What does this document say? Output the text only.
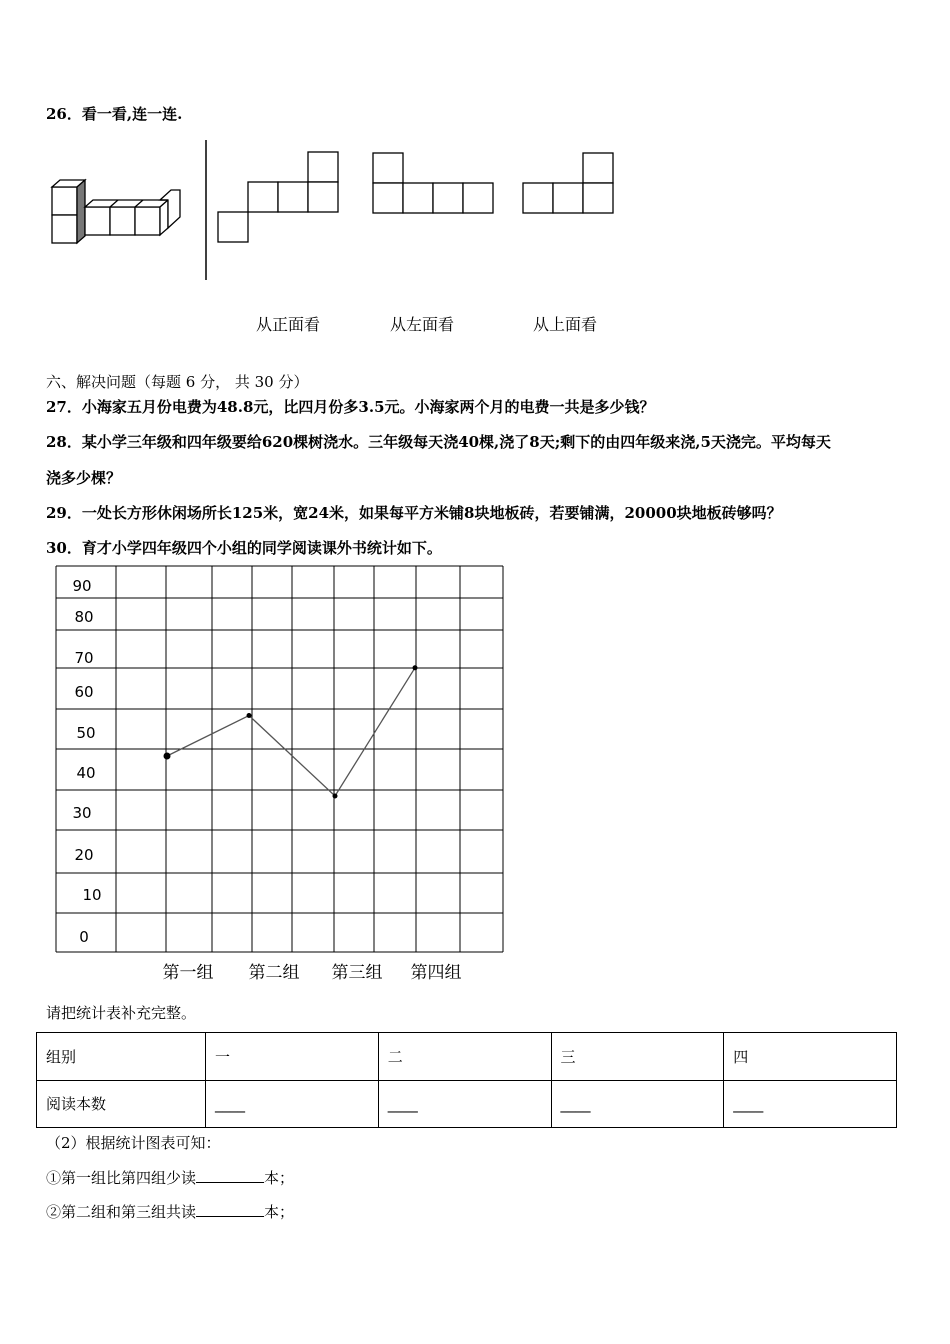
26．看一看,连一连.
从正面看	从左面看	从上面看
六、解决问题（每题 6 分， 共 30 分）
27．小海家五月份电费为48.8元，比四月份多3.5元。小海家两个月的电费一共是多少钱？
28．某小学三年级和四年级要给620棵树浇水。三年级每天浇40棵,浇了8天;剩下的由四年级来浇,5天浇完。平均每天
浇多少棵？
29．一处长方形休闲场所长125米，宽24米，如果每平方米铺8块地板砖，若要铺满，20000块地板砖够吗？
30．育才小学四年级四个小组的同学阅读课外书统计如下。
0
10
20
30
40
50
60
70
80
90
第一组 第二组 第三组 第四组
请把统计表补充完整。
组别	一	二	三	四
阅读本数	____	____	____	____
（2）根据统计图表可知：
①第一组比第四组少读	本；
②第二组和第三组共读	本；
